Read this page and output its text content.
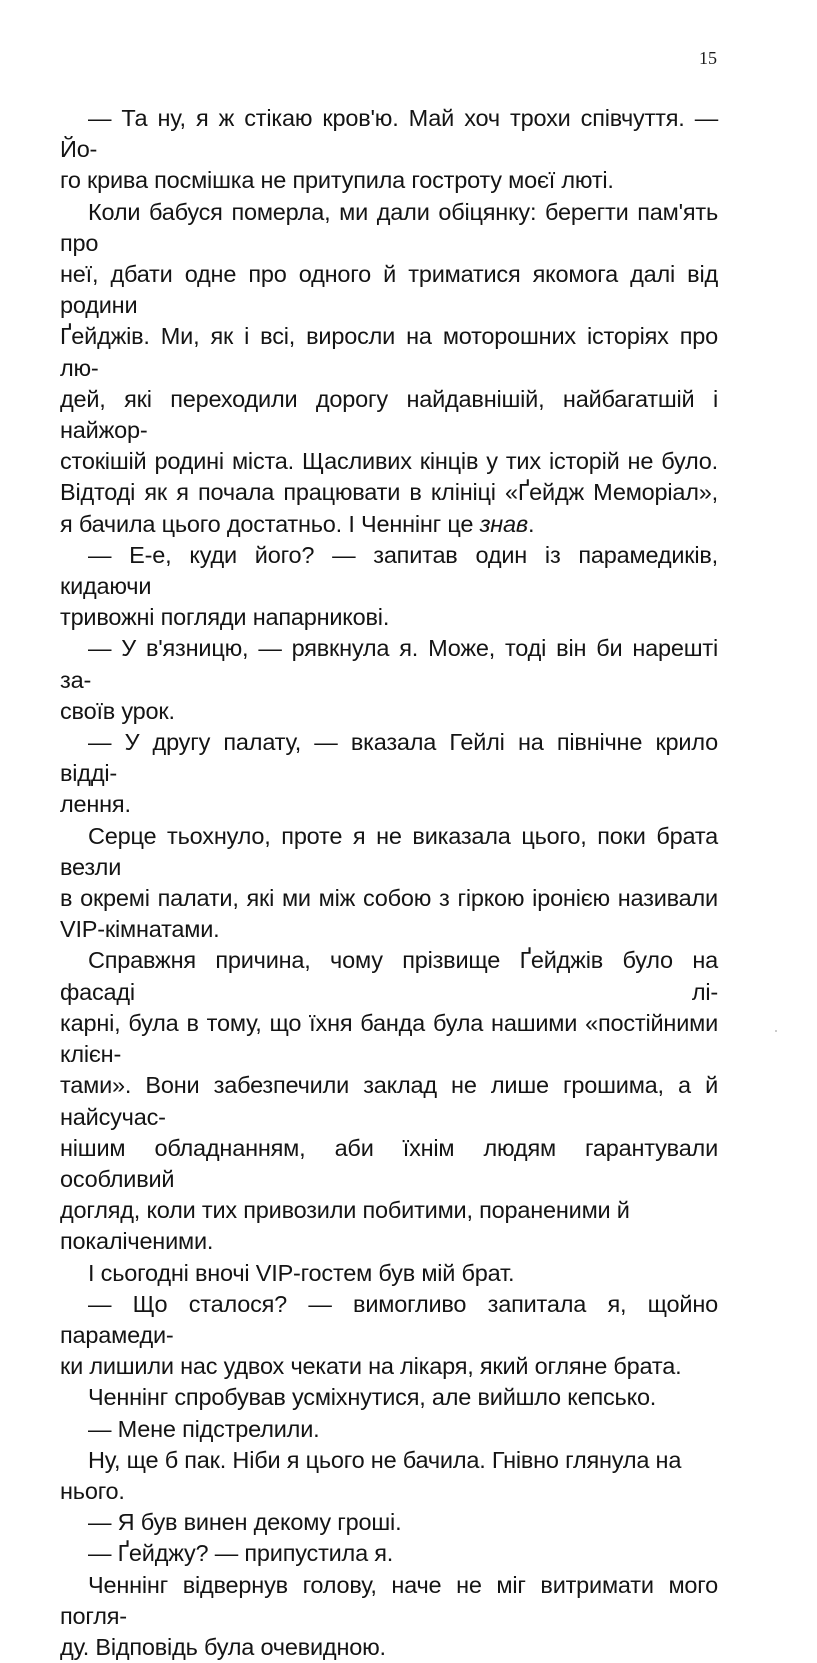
15

— Та ну, я ж стікаю кров'ю. Май хоч трохи співчуття. — Йо-
го крива посмішка не притупила гостроту моєї люті.

Коли бабуся померла, ми дали обіцянку: берегти пам'ять про
неї, дбати одне про одного й триматися якомога далі від родини
Ґейджів. Ми, як і всі, виросли на моторошних історіях про лю-
дей, які переходили дорогу найдавнішій, найбагатшій і найжор-
стокішій родині міста. Щасливих кінців у тих історій не було.
Відтоді як я почала працювати в клініці «Ґейдж Меморіал»,
я бачила цього достатньо. І Ченнінг це знав.

— Е-е, куди його? — запитав один із парамедиків, кидаючи
тривожні погляди напарникові.

— У в'язницю, — рявкнула я. Може, тоді він би нарешті за-
своїв урок.

— У другу палату, — вказала Гейлі на північне крило відді-
лення.

Серце тьохнуло, проте я не виказала цього, поки брата везли
в окремі палати, які ми між собою з гіркою іронією називали
VIP-кімнатами.

Справжня причина, чому прізвище Ґейджів було на фасаді лі-
карні, була в тому, що їхня банда була нашими «постійними клієн-
тами». Вони забезпечили заклад не лише грошима, а й найсучас-
нішим обладнанням, аби їхнім людям гарантували особливий
догляд, коли тих привозили побитими, пораненими й покаліченими.

І сьогодні вночі VIP-гостем був мій брат.

— Що сталося? — вимогливо запитала я, щойно парамеди-
ки лишили нас удвох чекати на лікаря, який огляне брата.

Ченнінг спробував усміхнутися, але вийшло кепсько.

— Мене підстрелили.

Ну, ще б пак. Ніби я цього не бачила. Гнівно глянула на нього.

— Я був винен декому гроші.

— Ґейджу? — припустила я.

Ченнінг відвернув голову, наче не міг витримати мого погля-
ду. Відповідь була очевидною.
